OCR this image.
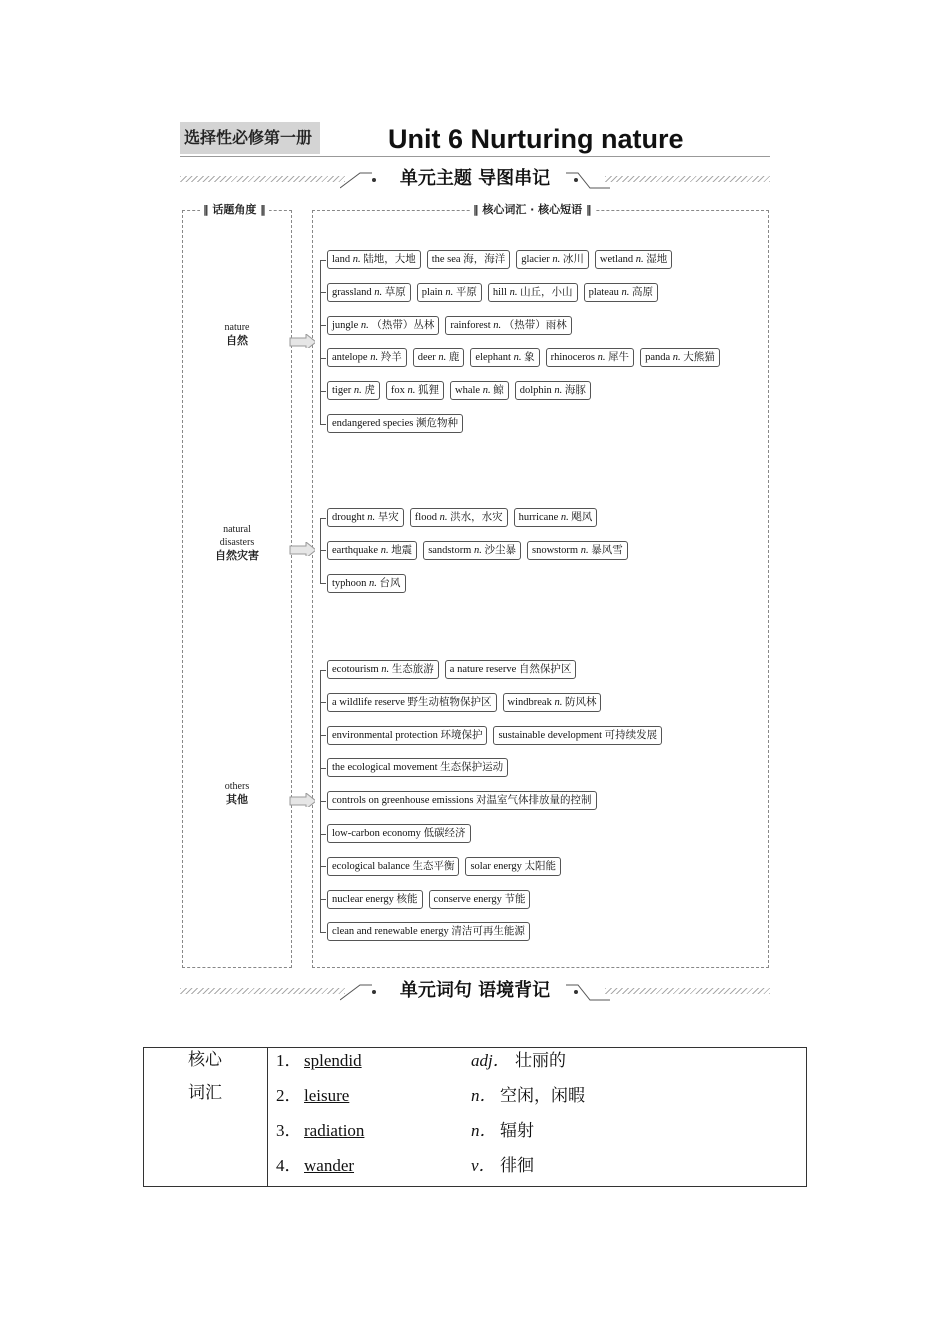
选择性必修第一册	Unit 6 Nurturing nature
单元主题 导图串记
‖ 话题角度 ‖	‖ 核心词汇 · 核心短语 ‖
nature
自然
land n. 陆地，大地	the sea 海，海洋	glacier n. 冰川	wetland n. 湿地
grassland n. 草原	plain n. 平原	hill n. 山丘，小山	plateau n. 高原
jungle n. （热带）丛林	rainforest n. （热带）雨林
antelope n. 羚羊	deer n. 鹿	elephant n. 象	rhinoceros n. 犀牛	panda n. 大熊猫
tiger n. 虎	fox n. 狐狸	whale n. 鲸	dolphin n. 海豚
endangered species 濒危物种
natural
disasters
自然灾害
drought n. 旱灾	flood n. 洪水，水灾	hurricane n. 飓风
earthquake n. 地震	sandstorm n. 沙尘暴	snowstorm n. 暴风雪
typhoon n. 台风
others
其他
ecotourism n. 生态旅游	a nature reserve 自然保护区
a wildlife reserve 野生动植物保护区	windbreak n. 防风林
environmental protection 环境保护	sustainable development 可持续发展
the ecological movement 生态保护运动
controls on greenhouse emissions 对温室气体排放量的控制
low-carbon economy 低碳经济
ecological balance 生态平衡	solar energy 太阳能
nuclear energy 核能	conserve energy 节能
clean and renewable energy 清洁可再生能源
单元词句 语境背记
核心
词汇
1． splendid	adj． 壮丽的
2． leisure	n． 空闲，闲暇
3． radiation	n． 辐射
4． wander	v． 徘徊
